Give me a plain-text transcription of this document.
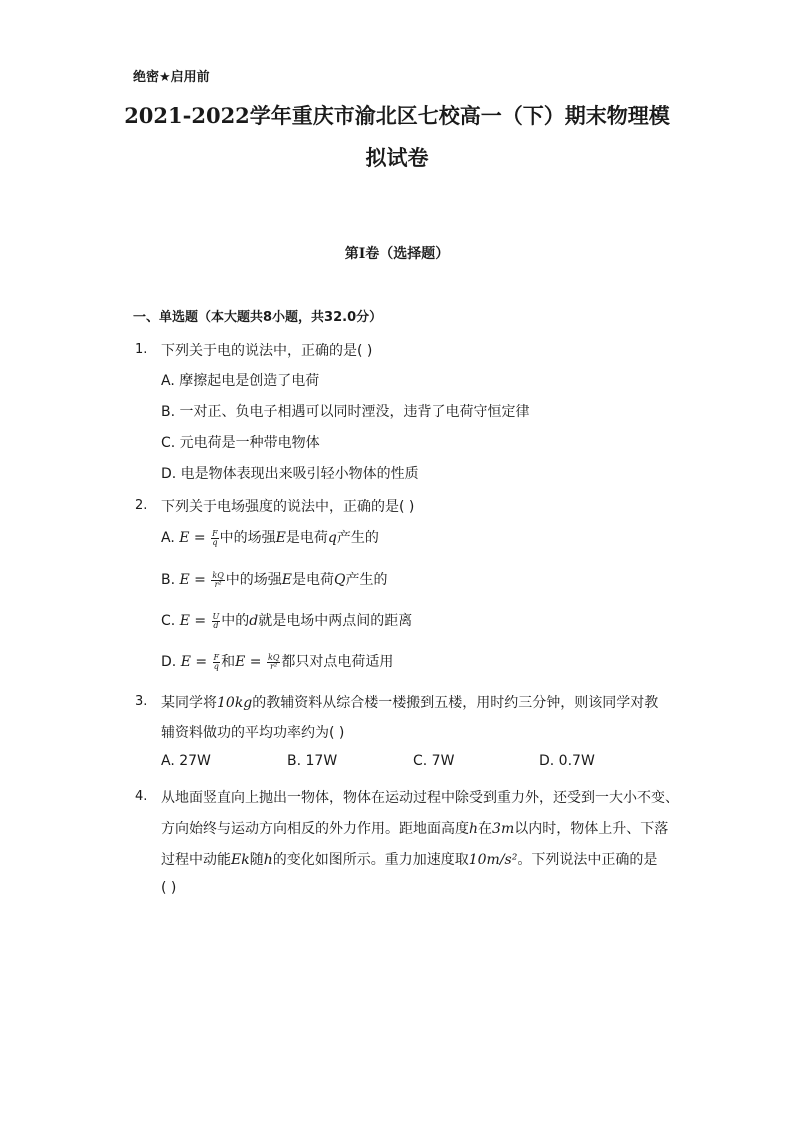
绝密★启用前
2021-2022学年重庆市渝北区七校高一（下）期末物理模
拟试卷
第I卷（选择题）
一、单选题（本大题共8小题，共32.0分）
1. 下列关于电的说法中，正确的是( )
A. 摩擦起电是创造了电荷
B. 一对正、负电子相遇可以同时湮没，违背了电荷守恒定律
C. 元电荷是一种带电物体
D. 电是物体表现出来吸引轻小物体的性质
2. 下列关于电场强度的说法中，正确的是( )
A. $E = \frac{F}{q}$ 中的场强E是电荷q产生的
B. $E = \frac{kQ}{\text{r²}}$ 中的场强E是电荷Q产生的
C. $E = \frac{U}{d}$ 中的d就是电场中两点间的距离
D. $E = \frac{F}{q}$ 和$E = \frac{kQ}{\text{r²}}$ 都只对点电荷适用
3. 某同学将10kg的教辅资料从综合楼一楼搬到五楼，用时约三分钟，则该同学对教
辅资料做功的平均功率约为( )
A. 27W	B. 17W	C. 7W	D. 0.7W
4. 从地面竖直向上抛出一物体，物体在运动过程中除受到重力外，还受到一大小不变、
方向始终与运动方向相反的外力作用。距地面高度h在3m以内时，物体上升、下落
过程中动能Ek随h的变化如图所示。重力加速度取10m/s²。下列说法中正确的是
( )
